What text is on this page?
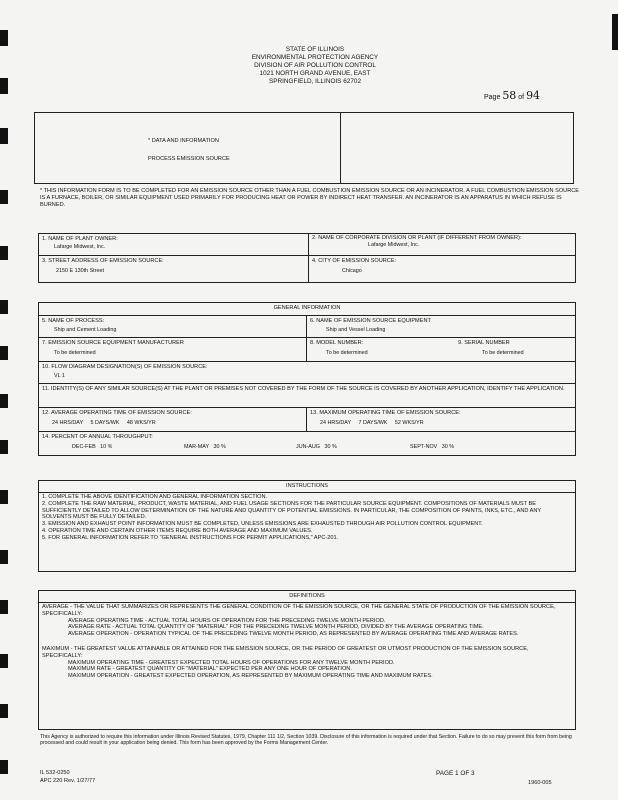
STATE OF ILLINOIS
ENVIRONMENTAL PROTECTION AGENCY
DIVISION OF AIR POLLUTION CONTROL
1021 NORTH GRAND AVENUE, EAST
SPRINGFIELD, ILLINOIS 62702
Page 58 of 94
* DATA AND INFORMATION
PROCESS EMISSION SOURCE
* THIS INFORMATION FORM IS TO BE COMPLETED FOR AN EMISSION SOURCE OTHER THAN A FUEL COMBUSTION EMISSION SOURCE OR AN INCINERATOR. A FUEL COMBUSTION EMISSION SOURCE IS A FURNACE, BOILER, OR SIMILAR EQUIPMENT USED PRIMARILY FOR PRODUCING HEAT OR POWER BY INDIRECT HEAT TRANSFER. AN INCINERATOR IS AN APPARATUS IN WHICH REFUSE IS BURNED.
1. NAME OF PLANT OWNER:
Lafarge Midwest, Inc.
2. NAME OF CORPORATE DIVISION OR PLANT (IF DIFFERENT FROM OWNER):
Lafarge Midwest, Inc.
3. STREET ADDRESS OF EMISSION SOURCE:
2150 E 130th Street
4. CITY OF EMISSION SOURCE:
Chicago
GENERAL INFORMATION
5. NAME OF PROCESS:
Ship and Cement Loading
6. NAME OF EMISSION SOURCE EQUIPMENT
Ship and Vessel Loading
7. EMISSION SOURCE EQUIPMENT MANUFACTURER
To be determined
8. MODEL NUMBER:
To be determined
9. SERIAL NUMBER
To be determined
10. FLOW DIAGRAM DESIGNATION(S) OF EMISSION SOURCE:
VL 1
11. IDENTITY(S) OF ANY SIMILAR SOURCE(S) AT THE PLANT OR PREMISES NOT COVERED BY THE FORM OF THE SOURCE IS COVERED BY ANOTHER APPLICATION, IDENTIFY THE APPLICATION.
12. AVERAGE OPERATING TIME OF EMISSION SOURCE:
24 HRS/DAY     5 DAYS/WK     48 WKS/YR
13. MAXIMUM OPERATING TIME OF EMISSION SOURCE:
24 HRS/DAY     7 DAYS/WK     52 WKS/YR
14. PERCENT OF ANNUAL THROUGHPUT:
DEC-FEB   10 %	MAR-MAY   30 %	JUN-AUG   30 %	SEPT-NOV   30 %
INSTRUCTIONS
1. COMPLETE THE ABOVE IDENTIFICATION AND GENERAL INFORMATION SECTION.
2. COMPLETE THE RAW MATERIAL, PRODUCT, WASTE MATERIAL, AND FUEL USAGE SECTIONS FOR THE PARTICULAR SOURCE EQUIPMENT. COMPOSITIONS OF MATERIALS MUST BE SUFFICIENTLY DETAILED TO ALLOW DETERMINATION OF THE NATURE AND QUANTITY OF POTENTIAL EMISSIONS. IN PARTICULAR, THE COMPOSITION OF PAINTS, INKS, ETC., AND ANY SOLVENTS MUST BE FULLY DETAILED.
3. EMISSION AND EXHAUST POINT INFORMATION MUST BE COMPLETED, UNLESS EMISSIONS ARE EXHAUSTED THROUGH AIR POLLUTION CONTROL EQUIPMENT.
4. OPERATION TIME AND CERTAIN OTHER ITEMS REQUIRE BOTH AVERAGE AND MAXIMUM VALUES.
5. FOR GENERAL INFORMATION REFER TO "GENERAL INSTRUCTIONS FOR PERMIT APPLICATIONS," APC-201.
DEFINITIONS
AVERAGE - THE VALUE THAT SUMMARIZES OR REPRESENTS THE GENERAL CONDITION OF THE EMISSION SOURCE, OR THE GENERAL STATE OF PRODUCTION OF THE EMISSION SOURCE, SPECIFICALLY:
AVERAGE OPERATING TIME - ACTUAL TOTAL HOURS OF OPERATION FOR THE PRECEDING TWELVE MONTH PERIOD.
AVERAGE RATE - ACTUAL TOTAL QUANTITY OF "MATERIAL" FOR THE PRECEDING TWELVE MONTH PERIOD, DIVIDED BY THE AVERAGE OPERATING TIME.
AVERAGE OPERATION - OPERATION TYPICAL OF THE PRECEDING TWELVE MONTH PERIOD, AS REPRESENTED BY AVERAGE OPERATING TIME AND AVERAGE RATES.
MAXIMUM - THE GREATEST VALUE ATTAINABLE OR ATTAINED FOR THE EMISSION SOURCE, OR THE PERIOD OF GREATEST OR UTMOST PRODUCTION OF THE EMISSION SOURCE, SPECIFICALLY:
MAXIMUM OPERATING TIME - GREATEST EXPECTED TOTAL HOURS OF OPERATIONS FOR ANY TWELVE MONTH PERIOD.
MAXIMUM RATE - GREATEST QUANTITY OF "MATERIAL" EXPECTED PER ANY ONE HOUR OF OPERATION.
MAXIMUM OPERATION - GREATEST EXPECTED OPERATION, AS REPRESENTED BY MAXIMUM OPERATING TIME AND MAXIMUM RATES.
This Agency is authorized to require this information under Illinois Revised Statutes, 1979, Chapter 111 1/2, Section 1039. Disclosure of this information is required under that Section. Failure to do so may prevent this form from being processed and could result in your application being denied. This form has been approved by the Forms Management Center.
IL 532-0250
APC 220 Rev. 1/27/77
PAGE 1 OF 3
1960-005
